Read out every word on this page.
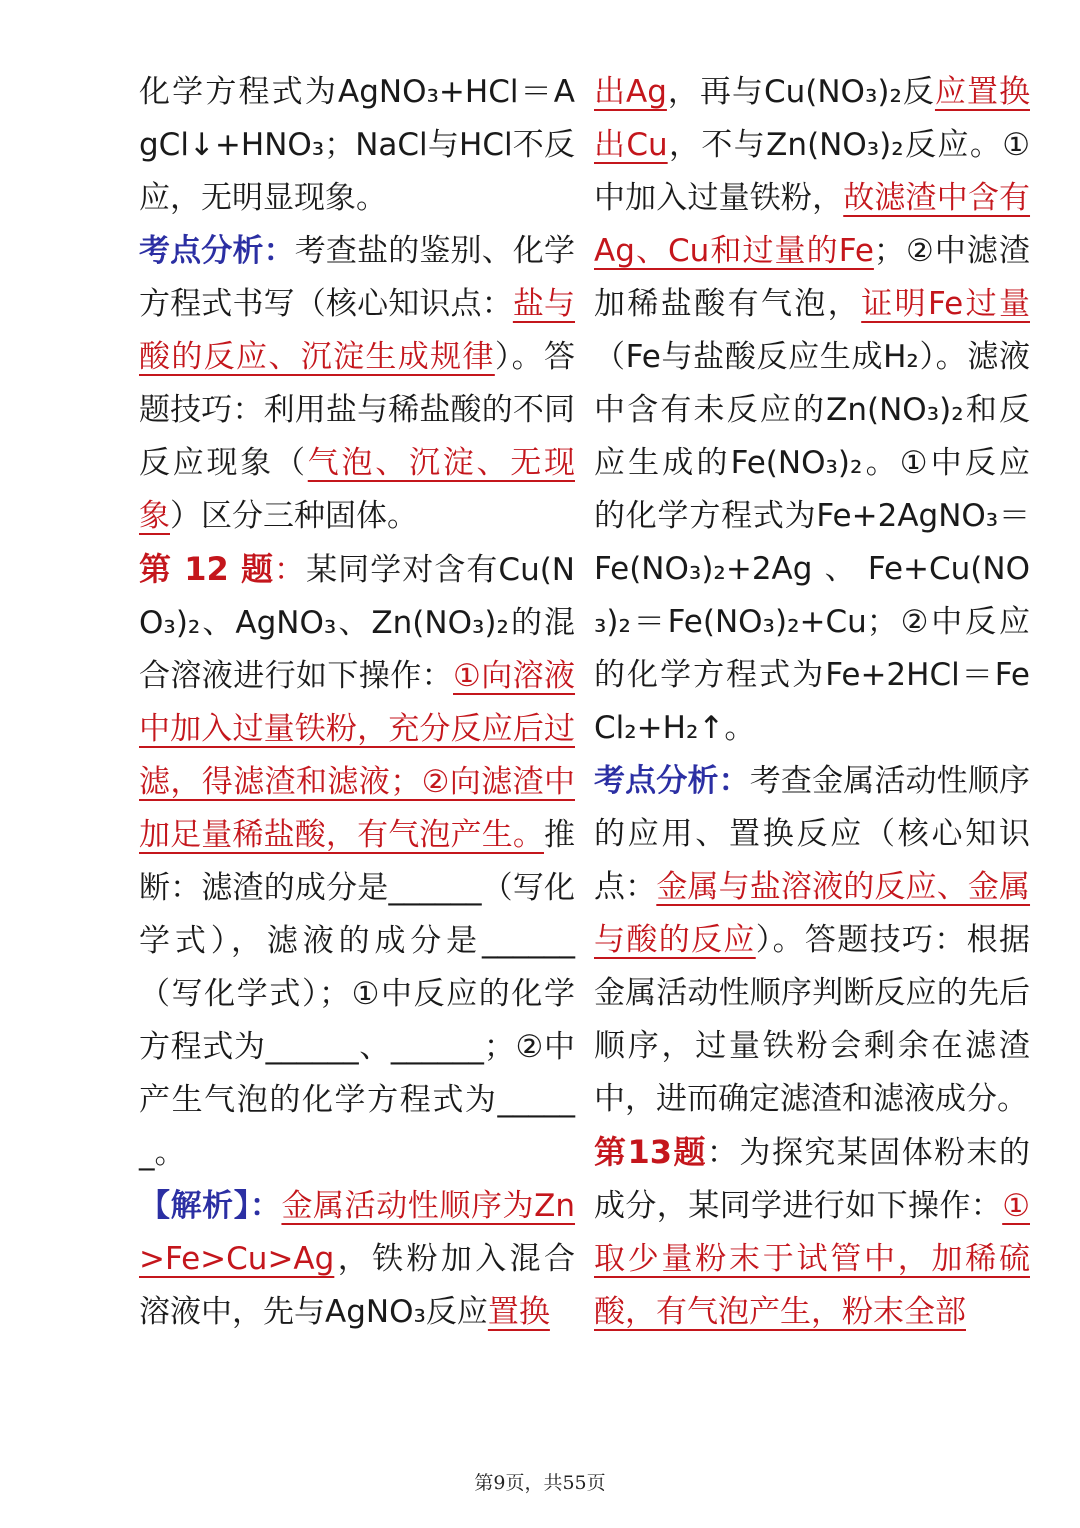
化学方程式为AgNO₃+HCl＝AgCl↓+HNO₃；NaCl与HCl不反应，无明显现象。

考点分析：考查盐的鉴别、化学方程式书写（核心知识点：盐与酸的反应、沉淀生成规律）。答题技巧：利用盐与稀盐酸的不同反应现象（气泡、沉淀、无现象）区分三种固体。

第 12 题：某同学对含有Cu(NO₃)₂、AgNO₃、Zn(NO₃)₂的混合溶液进行如下操作：①向溶液中加入过量铁粉，充分反应后过滤，得滤渣和滤液；②向滤渣中加足量稀盐酸，有气泡产生。推断：滤渣的成分是______（写化学式），滤液的成分是______（写化学式）；①中反应的化学方程式为______、______；②中产生气泡的化学方程式为______。

【解析】：金属活动性顺序为Zn>Fe>Cu>Ag，铁粉加入混合溶液中，先与AgNO₃反应置换

出Ag，再与Cu(NO₃)₂反应置换出Cu，不与Zn(NO₃)₂反应。①中加入过量铁粉，故滤渣中含有Ag、Cu和过量的Fe；②中滤渣加稀盐酸有气泡，证明Fe过量（Fe与盐酸反应生成H₂）。滤液中含有未反应的Zn(NO₃)₂和反应生成的Fe(NO₃)₂。①中反应的化学方程式为Fe+2AgNO₃＝Fe(NO₃)₂+2Ag、Fe+Cu(NO₃)₂＝Fe(NO₃)₂+Cu；②中反应的化学方程式为Fe+2HCl＝FeCl₂+H₂↑。

考点分析：考查金属活动性顺序的应用、置换反应（核心知识点：金属与盐溶液的反应、金属与酸的反应）。答题技巧：根据金属活动性顺序判断反应的先后顺序，过量铁粉会剩余在滤渣中，进而确定滤渣和滤液成分。

第13题：为探究某固体粉末的成分，某同学进行如下操作：①取少量粉末于试管中，加稀硫酸，有气泡产生，粉末全部

第9页，共55页
